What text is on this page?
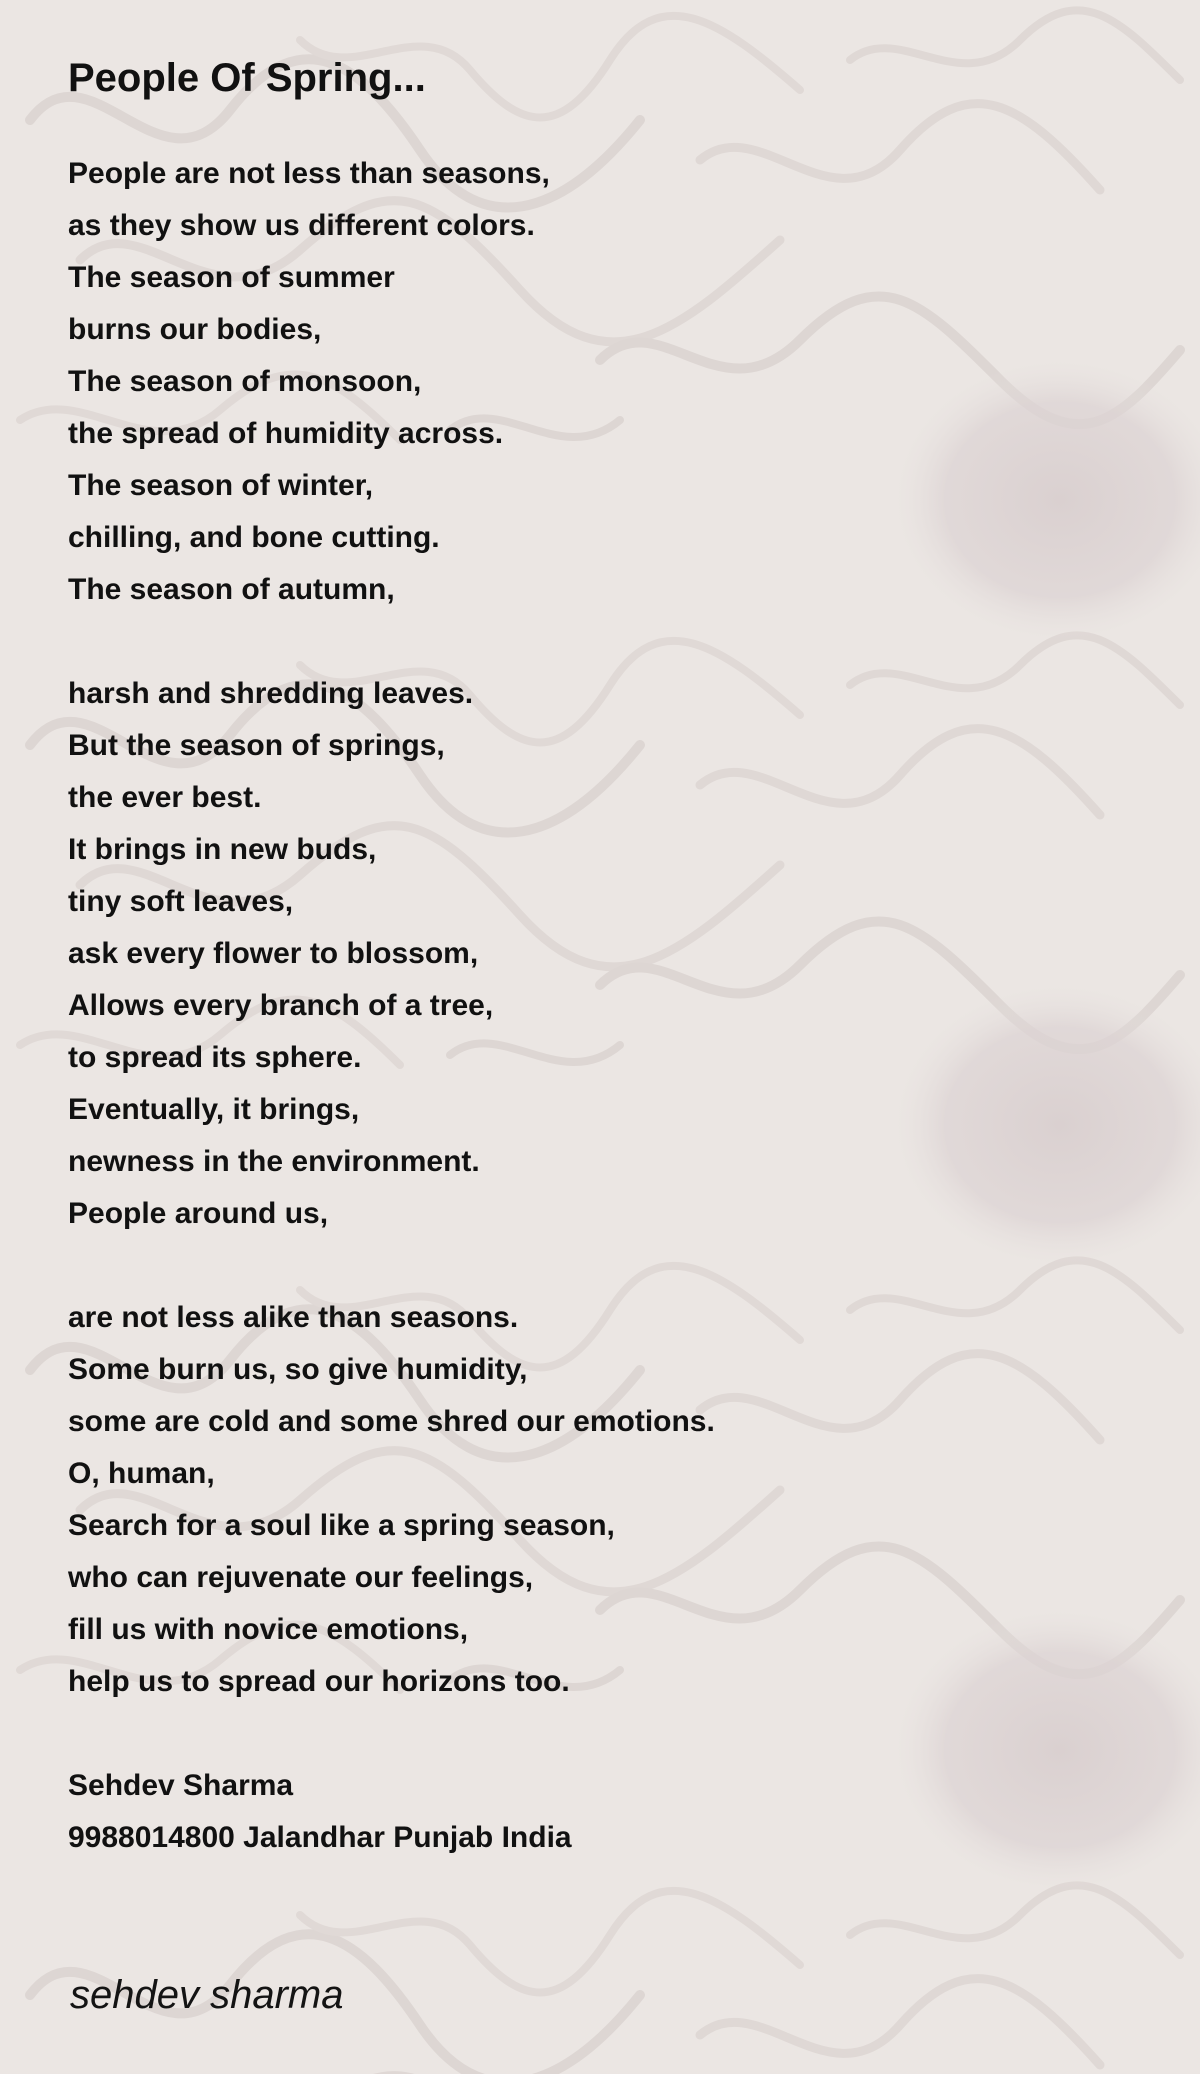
People Of Spring...
People are not less than seasons,
as they show us different colors.
The season of summer
burns our bodies,
The season of monsoon,
the spread of humidity across.
The season of winter,
chilling, and bone cutting.
The season of autumn,
harsh and shredding leaves.
But the season of springs,
the ever best.
It brings in new buds,
tiny soft leaves,
ask every flower to blossom,
Allows every branch of a tree,
to spread its sphere.
Eventually, it brings,
newness in the environment.
People around us,
are not less alike than seasons.
Some burn us, so give humidity,
some are cold and some shred our emotions.
O, human,
Search for a soul like a spring season,
who can rejuvenate our feelings,
fill us with novice emotions,
help us to spread our horizons too.
Sehdev Sharma
9988014800 Jalandhar Punjab India
sehdev sharma
